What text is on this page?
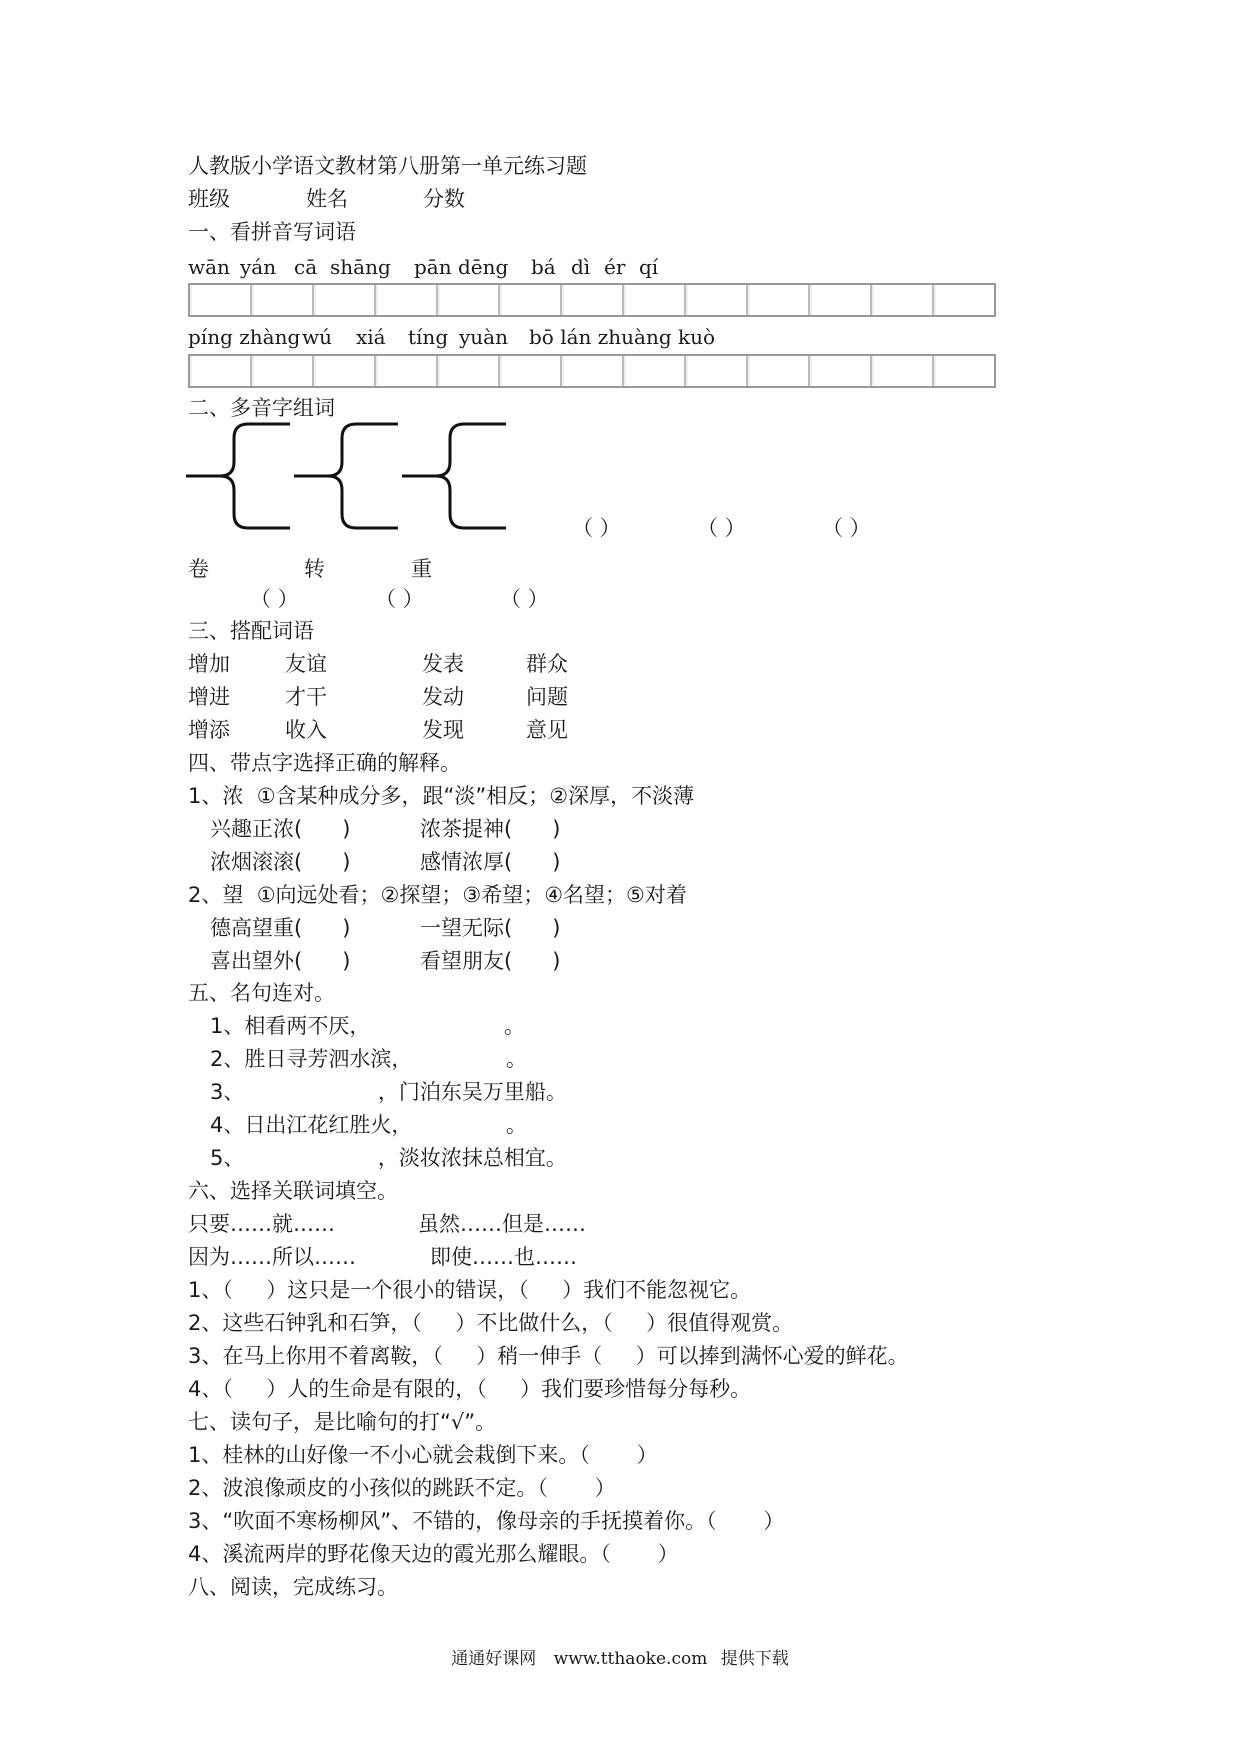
人教版小学语文教材第八册第一单元练习题
班级	姓名	分数
一、看拼音写词语
wān yán cā shāng pān dēng bá dì ér qí
píng zhàng wú xiá tíng yuàn bō lán zhuàng kuò
二、多音字组词
（ ）	（ ）	（ ）
卷	转	重
（ ）	（ ）	（ ）
三、搭配词语
增加	友谊	发表	群众
增进	才干	发动	问题
增添	收入	发现	意见
四、带点字选择正确的解释。
1、浓  ①含某种成分多，跟“淡”相反；②深厚，不淡薄
兴趣正浓(      )	浓茶提神(      )
浓烟滚滚(      )	感情浓厚(      )
2、望  ①向远处看；②探望；③希望；④名望；⑤对着
德高望重(      )	一望无际(      )
喜出望外(      )	看望朋友(      )
五、名句连对。
1、相看两不厌，                    。
2、胜日寻芳泗水滨，              。
3、                    ，门泊东吴万里船。
4、日出江花红胜火，              。
5、                    ，淡妆浓抹总相宜。
六、选择关联词填空。
只要……就……	虽然……但是……
因为……所以……	即使……也……
1、（     ）这只是一个很小的错误，（     ）我们不能忽视它。
2、这些石钟乳和石笋，（     ）不比做什么，（     ）很值得观赏。
3、在马上你用不着离鞍，（     ）稍一伸手（     ）可以捧到满怀心爱的鲜花。
4、（     ）人的生命是有限的，（     ）我们要珍惜每分每秒。
七、读句子，是比喻句的打“√”。
1、桂林的山好像一不小心就会栽倒下来。（       ）
2、波浪像顽皮的小孩似的跳跃不定。（       ）
3、“吹面不寒杨柳风”、不错的，像母亲的手抚摸着你。（       ）
4、溪流两岸的野花像天边的霞光那么耀眼。（       ）
八、阅读，完成练习。
通通好课网 www.tthaoke.com 提供下载
